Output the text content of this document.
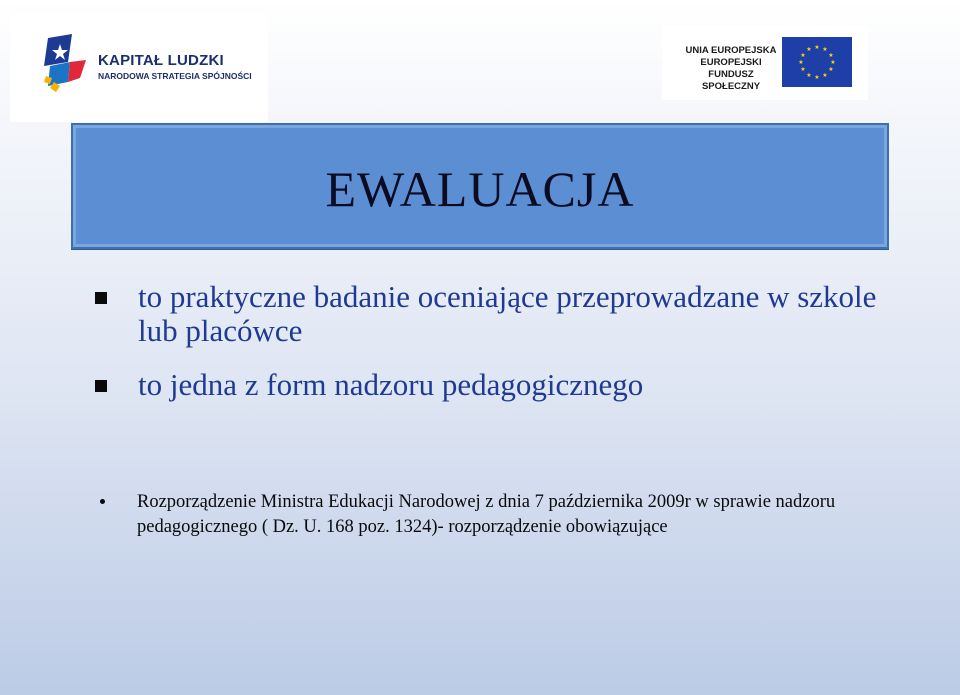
KAPITAŁ LUDZKI
NARODOWA STRATEGIA SPÓJNOŚCI
UNIA EUROPEJSKA EUROPEJSKI FUNDUSZ SPOŁECZNY
★ ★
★
★
★
★
★
★
★
★
★
★
EWALUACJA
to praktyczne badanie oceniające przeprowadzane w szkole lub placówce
to jedna z form nadzoru pedagogicznego
Rozporządzenie Ministra Edukacji Narodowej z dnia 7 października 2009r w sprawie nadzoru pedagogicznego ( Dz. U. 168 poz. 1324)- rozporządzenie obowiązujące
